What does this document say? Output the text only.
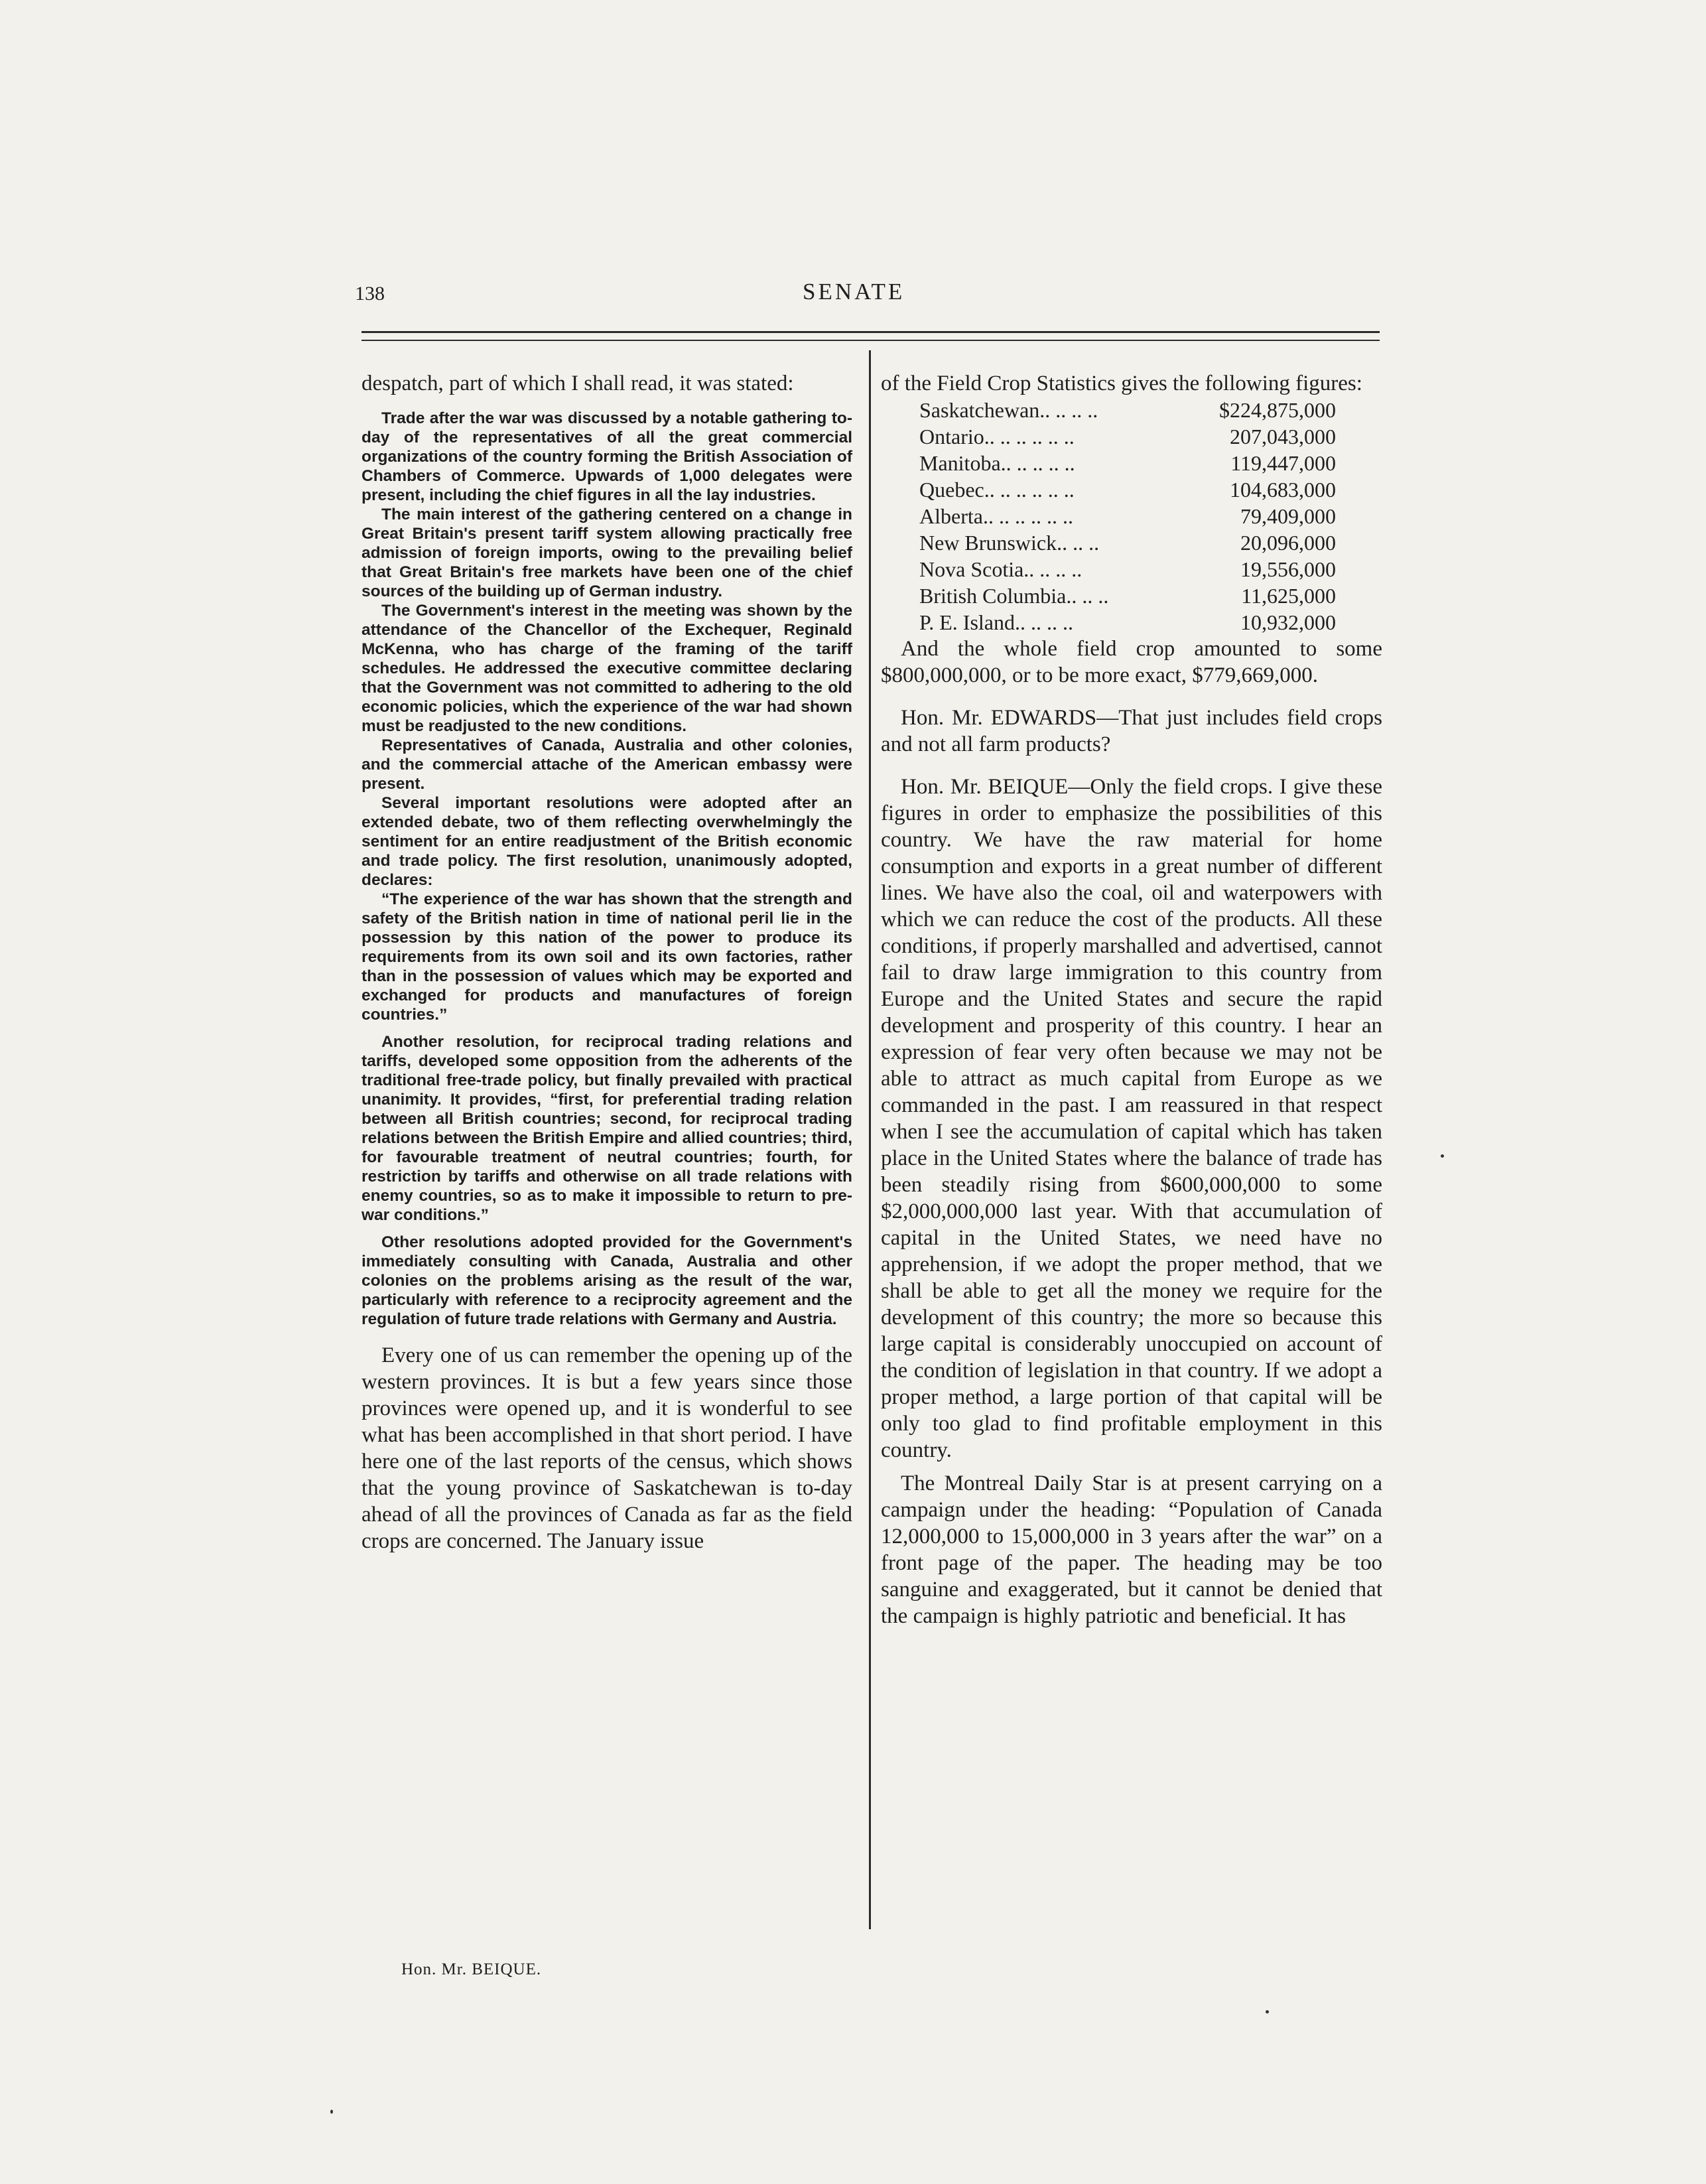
138	SENATE

despatch, part of which I shall read, it was stated:

Trade after the war was discussed by a notable gathering to-day of the representatives of all the great commercial organizations of the country forming the British Association of Chambers of Commerce. Upwards of 1,000 delegates were present, including the chief figures in all the lay industries.

The main interest of the gathering centered on a change in Great Britain's present tariff system allowing practically free admission of foreign imports, owing to the prevailing belief that Great Britain's free markets have been one of the chief sources of the building up of German industry.

The Government's interest in the meeting was shown by the attendance of the Chancellor of the Exchequer, Reginald McKenna, who has charge of the framing of the tariff schedules. He addressed the executive committee declaring that the Government was not committed to adhering to the old economic policies, which the experience of the war had shown must be readjusted to the new conditions.

Representatives of Canada, Australia and other colonies, and the commercial attache of the American embassy were present.

Several important resolutions were adopted after an extended debate, two of them reflecting overwhelmingly the sentiment for an entire readjustment of the British economic and trade policy. The first resolution, unanimously adopted, declares:

“The experience of the war has shown that the strength and safety of the British nation in time of national peril lie in the possession by this nation of the power to produce its requirements from its own soil and its own factories, rather than in the possession of values which may be exported and exchanged for products and manufactures of foreign countries.”

Another resolution, for reciprocal trading relations and tariffs, developed some opposition from the adherents of the traditional free-trade policy, but finally prevailed with practical unanimity. It provides, “first, for preferential trading relation between all British countries; second, for reciprocal trading relations between the British Empire and allied countries; third, for favourable treatment of neutral countries; fourth, for restriction by tariffs and otherwise on all trade relations with enemy countries, so as to make it impossible to return to pre-war conditions.”

Other resolutions adopted provided for the Government's immediately consulting with Canada, Australia and other colonies on the problems arising as the result of the war, particularly with reference to a reciprocity agreement and the regulation of future trade relations with Germany and Austria.

Every one of us can remember the opening up of the western provinces. It is but a few years since those provinces were opened up, and it is wonderful to see what has been accomplished in that short period. I have here one of the last reports of the census, which shows that the young province of Saskatchewan is to-day ahead of all the provinces of Canada as far as the field crops are concerned. The January issue

Hon. Mr. BEIQUE.

of the Field Crop Statistics gives the following figures:

Saskatchewan.. .. .. ..	$224,875,000
Ontario.. .. .. .. .. ..	207,043,000
Manitoba.. .. .. .. ..	119,447,000
Quebec.. .. .. .. .. ..	104,683,000
Alberta.. .. .. .. .. ..	79,409,000
New Brunswick.. .. ..	20,096,000
Nova Scotia.. .. .. ..	19,556,000
British Columbia.. .. ..	11,625,000
P. E. Island.. .. .. ..	10,932,000

And the whole field crop amounted to some $800,000,000, or to be more exact, $779,669,000.

Hon. Mr. EDWARDS—That just includes field crops and not all farm products?

Hon. Mr. BEIQUE—Only the field crops. I give these figures in order to emphasize the possibilities of this country. We have the raw material for home consumption and exports in a great number of different lines. We have also the coal, oil and waterpowers with which we can reduce the cost of the products. All these conditions, if properly marshalled and advertised, cannot fail to draw large immigration to this country from Europe and the United States and secure the rapid development and prosperity of this country. I hear an expression of fear very often because we may not be able to attract as much capital from Europe as we commanded in the past. I am reassured in that respect when I see the accumulation of capital which has taken place in the United States where the balance of trade has been steadily rising from $600,000,000 to some $2,000,000,000 last year. With that accumulation of capital in the United States, we need have no apprehension, if we adopt the proper method, that we shall be able to get all the money we require for the development of this country; the more so because this large capital is considerably unoccupied on account of the condition of legislation in that country. If we adopt a proper method, a large portion of that capital will be only too glad to find profitable employment in this country.

The Montreal Daily Star is at present carrying on a campaign under the heading: “Population of Canada 12,000,000 to 15,000,000 in 3 years after the war” on a front page of the paper. The heading may be too sanguine and exaggerated, but it cannot be denied that the campaign is highly patriotic and beneficial. It has
